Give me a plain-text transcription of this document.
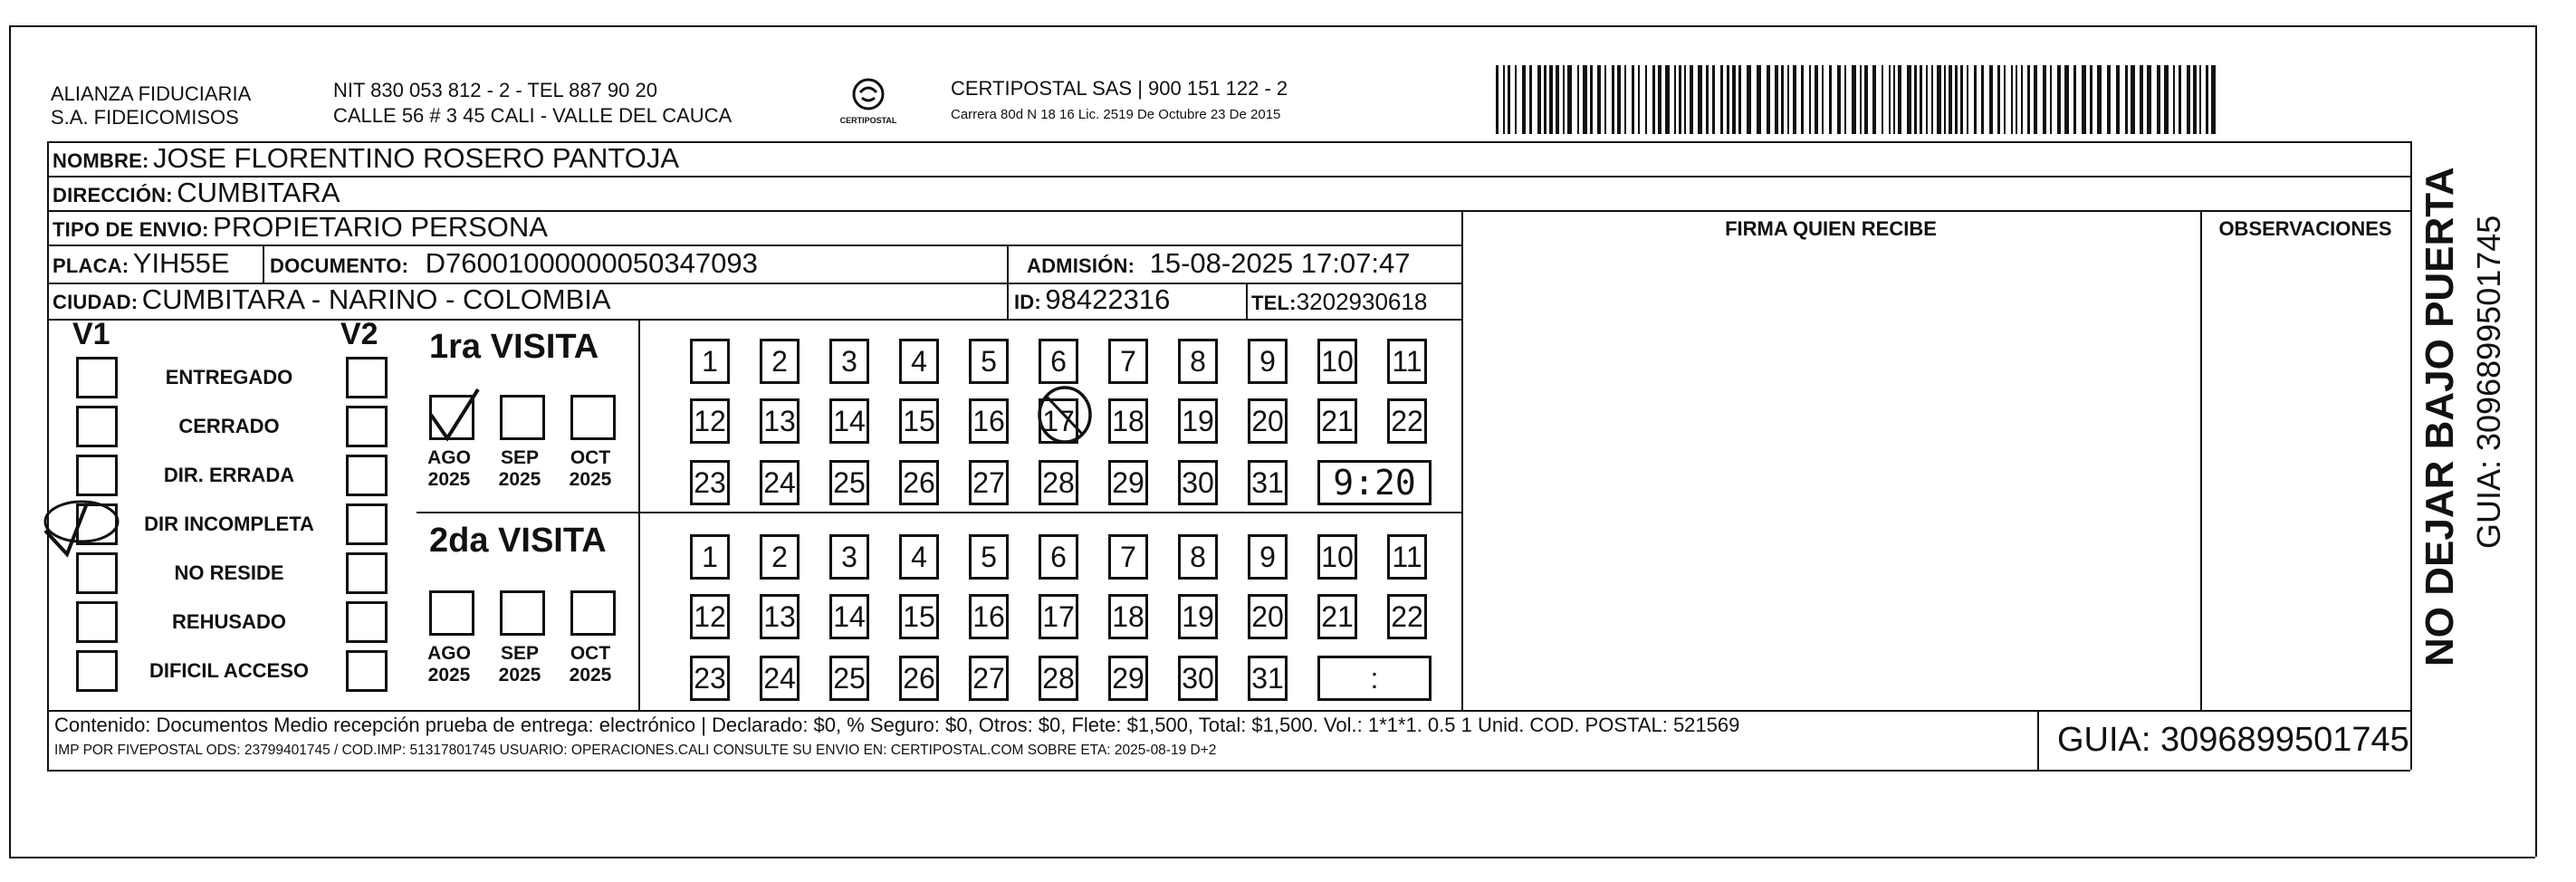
ALIANZA FIDUCIARIA
S.A. FIDEICOMISOS
NIT 830 053 812 - 2 - TEL 887 90 20
CALLE 56 # 3 45 CALI - VALLE DEL CAUCA	CERTIPOSTAL
CERTIPOSTAL SAS | 900 151 122 - 2
Carrera 80d N 18 16 Lic. 2519 De Octubre 23 De 2015
NOMBRE: JOSE FLORENTINO ROSERO PANTOJA
DIRECCIÓN: CUMBITARA
TIPO DE ENVIO: PROPIETARIO PERSONA
PLACA: YIH55E DOCUMENTO: D76001000000050347093	ADMISIÓN: 15-08-2025 17:07:47
CIUDAD: CUMBITARA - NARINO - COLOMBIA	ID: 98422316	TEL:3202930618
FIRMA QUIEN RECIBE	OBSERVACIONES
V1	V2
ENTREGADO
CERRADO
DIR. ERRADA
DIR INCOMPLETA
NO RESIDE
REHUSADO
DIFICIL ACCESO
1ra VISITA
2da VISITA
AGO
2025
SEP
2025
OCT
2025
AGO
2025
SEP
2025
OCT
2025
1	2	3	4	5	6	7	8	9	10 11
12 13 14 15 16 17 18 19 20 21 22
23 24 25 26 27 28 29 30 31	9:20
1	2	3	4	5	6	7	8	9	10 11
12 13 14 15 16 17 18 19 20 21 22
23 24 25 26 27 28 29 30 31	:
Contenido: Documentos Medio recepción prueba de entrega: electrónico | Declarado: $0, % Seguro: $0, Otros: $0, Flete: $1,500, Total: $1,500. Vol.: 1*1*1. 0.5 1 Unid. COD. POSTAL: 521569
IMP POR FIVEPOSTAL ODS: 23799401745 / COD.IMP: 51317801745 USUARIO: OPERACIONES.CALI CONSULTE SU ENVIO EN: CERTIPOSTAL.COM SOBRE ETA: 2025-08-19 D+2	GUIA: 3096899501745
NO DEJAR BAJO PUERTA GUIA: 3096899501745
